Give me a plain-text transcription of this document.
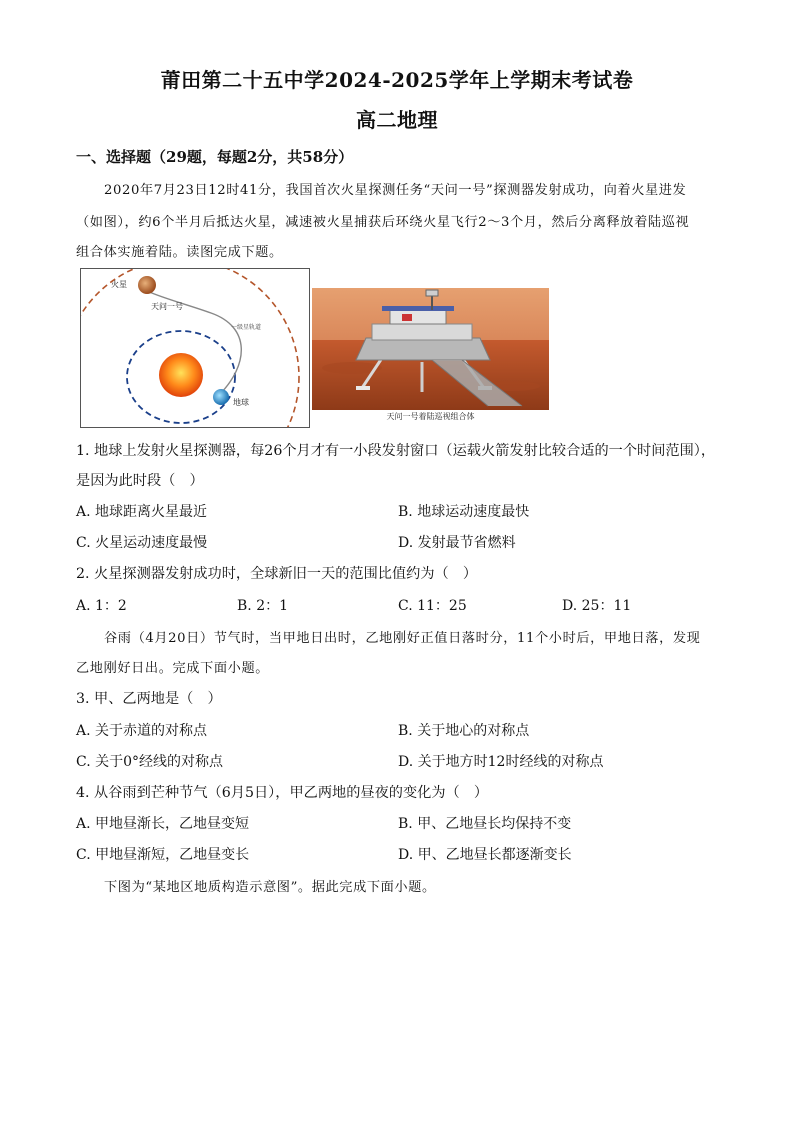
莆田第二十五中学2024-2025学年上学期末考试卷
高二地理
一、选择题（29题，每题2分，共58分）
2020年7月23日12时41分，我国首次火星探测任务“天问一号”探测器发射成功，向着火星进发
（如图），约6个半月后抵达火星，减速被火星捕获后环绕火星飞行2～3个月，然后分离释放着陆巡视
组合体实施着陆。读图完成下题。
火星
天问一号
一级星轨道
地球
天问一号着陆巡视组合体
1. 地球上发射火星探测器，每26个月才有一小段发射窗口（运载火箭发射比较合适的一个时间范围），
是因为此时段（　）
A. 地球距离火星最近	B. 地球运动速度最快
C. 火星运动速度最慢	D. 发射最节省燃料
2. 火星探测器发射成功时，全球新旧一天的范围比值约为（　）
A. 1：2	B. 2：1	C. 11：25	D. 25：11
谷雨（4月20日）节气时，当甲地日出时，乙地刚好正值日落时分，11个小时后，甲地日落，发现
乙地刚好日出。完成下面小题。
3. 甲、乙两地是（　）
A. 关于赤道的对称点	B. 关于地心的对称点
C. 关于0°经线的对称点	D. 关于地方时12时经线的对称点
4. 从谷雨到芒种节气（6月5日），甲乙两地的昼夜的变化为（　）
A. 甲地昼渐长，乙地昼变短	B. 甲、乙地昼长均保持不变
C. 甲地昼渐短，乙地昼变长	D. 甲、乙地昼长都逐渐变长
下图为“某地区地质构造示意图”。据此完成下面小题。
